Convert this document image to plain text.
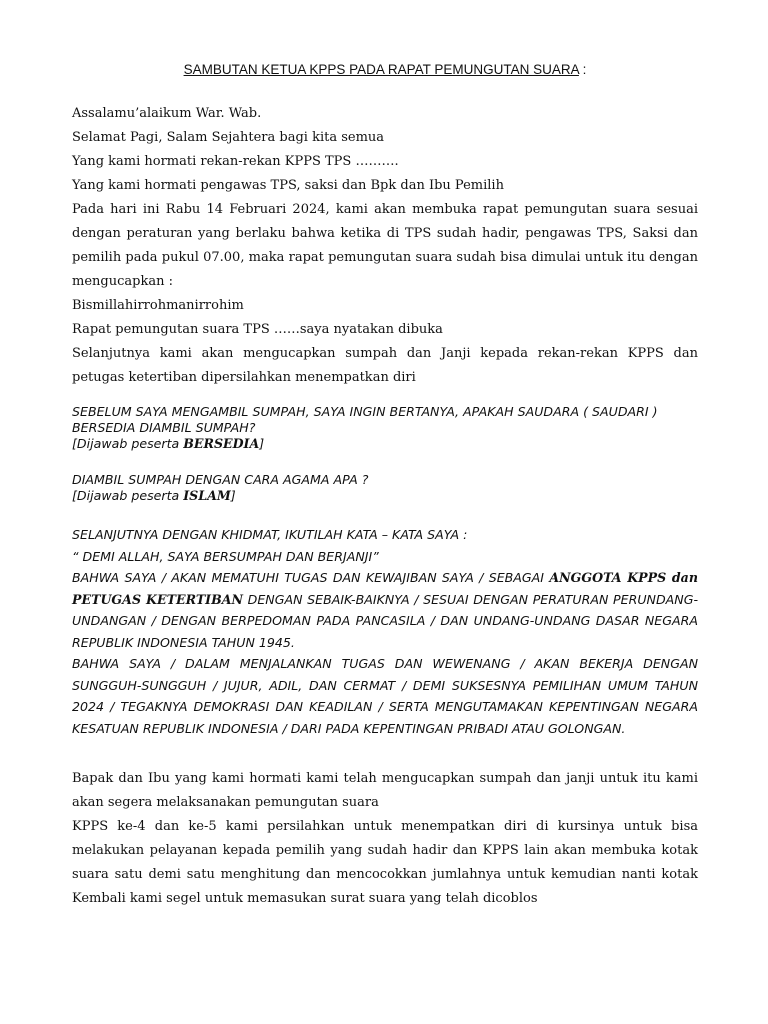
SAMBUTAN KETUA KPPS PADA RAPAT PEMUNGUTAN SUARA :

Assalamu’alaikum War. Wab.

Selamat Pagi, Salam Sejahtera bagi kita semua

Yang kami hormati rekan-rekan KPPS TPS ……….

Yang kami hormati pengawas TPS, saksi dan Bpk dan Ibu Pemilih

Pada hari ini Rabu 14 Februari 2024, kami akan membuka rapat pemungutan suara sesuai dengan peraturan yang berlaku bahwa ketika di TPS sudah hadir, pengawas TPS, Saksi dan pemilih pada pukul 07.00, maka rapat pemungutan suara sudah bisa dimulai untuk itu dengan mengucapkan :

Bismillahirrohmanirrohim

Rapat pemungutan suara TPS ……saya nyatakan dibuka

Selanjutnya kami akan mengucapkan sumpah dan Janji kepada rekan-rekan KPPS dan petugas ketertiban dipersilahkan menempatkan diri

SEBELUM SAYA MENGAMBIL SUMPAH, SAYA INGIN BERTANYA, APAKAH SAUDARA ( SAUDARI ) BERSEDIA DIAMBIL SUMPAH?

[Dijawab peserta BERSEDIA]

DIAMBIL SUMPAH DENGAN CARA AGAMA APA ?

[Dijawab peserta ISLAM]

SELANJUTNYA DENGAN KHIDMAT, IKUTILAH KATA – KATA SAYA :

“ DEMI ALLAH, SAYA BERSUMPAH DAN BERJANJI”

BAHWA SAYA / AKAN MEMATUHI TUGAS DAN KEWAJIBAN SAYA / SEBAGAI ANGGOTA KPPS dan PETUGAS KETERTIBAN DENGAN SEBAIK-BAIKNYA / SESUAI DENGAN PERATURAN PERUNDANG-UNDANGAN / DENGAN BERPEDOMAN PADA PANCASILA / DAN UNDANG-UNDANG DASAR NEGARA REPUBLIK INDONESIA TAHUN 1945.

BAHWA SAYA / DALAM MENJALANKAN TUGAS DAN WEWENANG / AKAN BEKERJA DENGAN SUNGGUH-SUNGGUH / JUJUR, ADIL, DAN CERMAT / DEMI SUKSESNYA PEMILIHAN UMUM TAHUN 2024 / TEGAKNYA DEMOKRASI DAN KEADILAN / SERTA MENGUTAMAKAN KEPENTINGAN NEGARA KESATUAN REPUBLIK INDONESIA / DARI PADA KEPENTINGAN PRIBADI ATAU GOLONGAN.

Bapak dan Ibu yang kami hormati kami telah mengucapkan sumpah dan janji untuk itu kami akan segera melaksanakan pemungutan suara

KPPS ke-4 dan ke-5 kami persilahkan untuk menempatkan diri di kursinya untuk bisa melakukan pelayanan kepada pemilih yang sudah hadir dan KPPS lain akan membuka kotak suara satu demi satu menghitung dan mencocokkan jumlahnya untuk kemudian nanti kotak Kembali kami segel untuk memasukan surat suara yang telah dicoblos
